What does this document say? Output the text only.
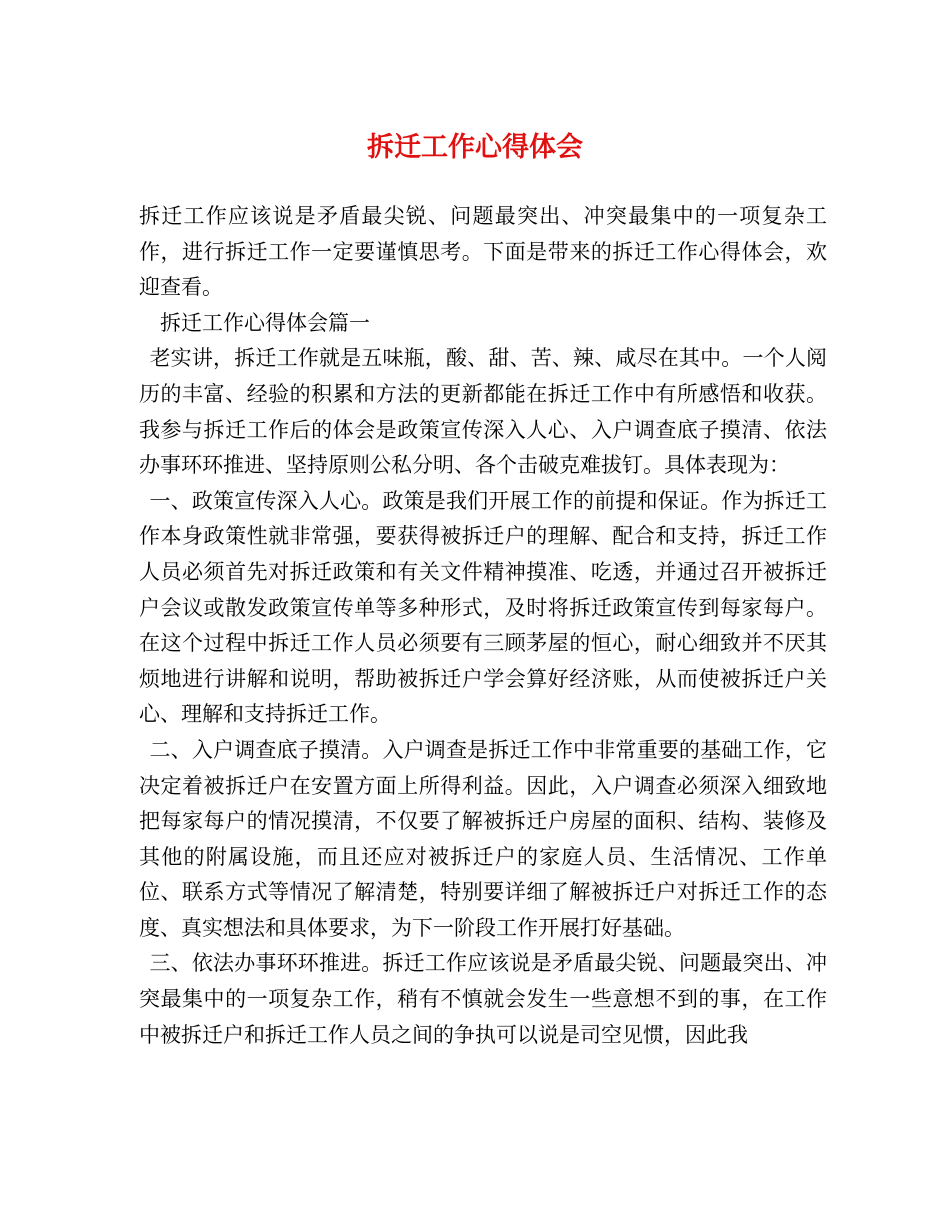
拆迁工作心得体会

拆迁工作应该说是矛盾最尖锐、问题最突出、冲突最集中的一项复杂工作，进行拆迁工作一定要谨慎思考。下面是带来的拆迁工作心得体会，欢迎查看。

拆迁工作心得体会篇一

老实讲，拆迁工作就是五味瓶，酸、甜、苦、辣、咸尽在其中。一个人阅历的丰富、经验的积累和方法的更新都能在拆迁工作中有所感悟和收获。我参与拆迁工作后的体会是政策宣传深入人心、入户调查底子摸清、依法办事环环推进、坚持原则公私分明、各个击破克难拔钉。具体表现为：

一、政策宣传深入人心。政策是我们开展工作的前提和保证。作为拆迁工作本身政策性就非常强，要获得被拆迁户的理解、配合和支持，拆迁工作人员必须首先对拆迁政策和有关文件精神摸准、吃透，并通过召开被拆迁户会议或散发政策宣传单等多种形式，及时将拆迁政策宣传到每家每户。在这个过程中拆迁工作人员必须要有三顾茅屋的恒心，耐心细致并不厌其烦地进行讲解和说明，帮助被拆迁户学会算好经济账，从而使被拆迁户关心、理解和支持拆迁工作。

二、入户调查底子摸清。入户调查是拆迁工作中非常重要的基础工作，它决定着被拆迁户在安置方面上所得利益。因此，入户调查必须深入细致地把每家每户的情况摸清，不仅要了解被拆迁户房屋的面积、结构、装修及其他的附属设施，而且还应对被拆迁户的家庭人员、生活情况、工作单位、联系方式等情况了解清楚，特别要详细了解被拆迁户对拆迁工作的态度、真实想法和具体要求，为下一阶段工作开展打好基础。

三、依法办事环环推进。拆迁工作应该说是矛盾最尖锐、问题最突出、冲突最集中的一项复杂工作，稍有不慎就会发生一些意想不到的事，在工作中被拆迁户和拆迁工作人员之间的争执可以说是司空见惯，因此我
